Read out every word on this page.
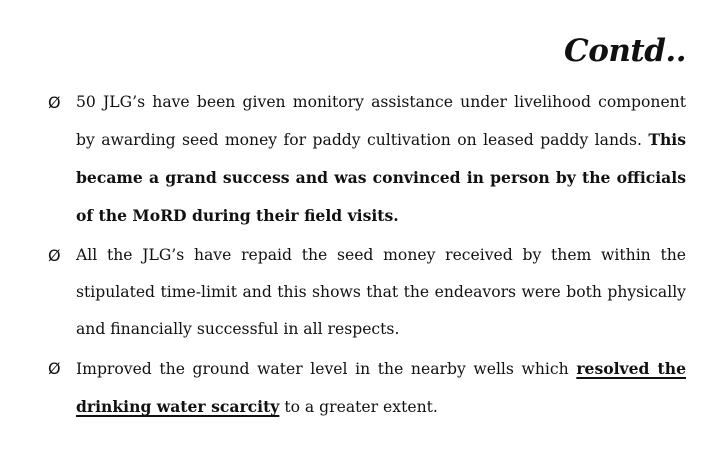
Contd..
Ø 50 JLG’s have been given monitory assistance under livelihood component by awarding seed money for paddy cultivation on leased paddy lands. This became a grand success and was convinced in person by the officials of the MoRD during their field visits.
Ø All the JLG’s have repaid the seed money received by them within the stipulated time-limit and this shows that the endeavors were both physically and financially successful in all respects.
Ø Improved the ground water level in the nearby wells which resolved the drinking water scarcity to a greater extent.
